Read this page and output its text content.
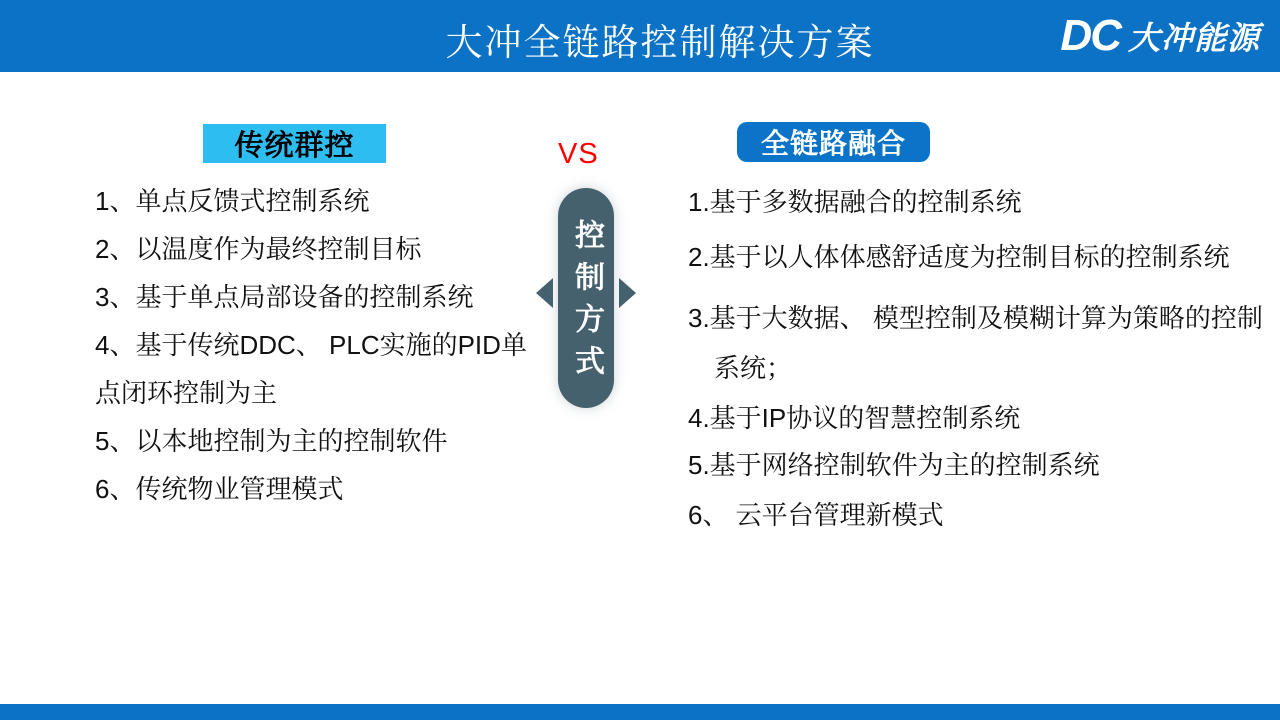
大冲全链路控制解决方案	DC 大冲能源
传统群控
1、单点反馈式控制系统
2、以温度作为最终控制目标
3、基于单点局部设备的控制系统
4、基于传统DDC、 PLC实施的PID单
点闭环控制为主
5、以本地控制为主的控制软件
6、传统物业管理模式
VS
控制方式
全链路融合
1.基于多数据融合的控制系统
2.基于以人体体感舒适度为控制目标的控制系统
3.基于大数据、 模型控制及模糊计算为策略的控制
系统；
4.基于IP协议的智慧控制系统
5.基于网络控制软件为主的控制系统
6、 云平台管理新模式
